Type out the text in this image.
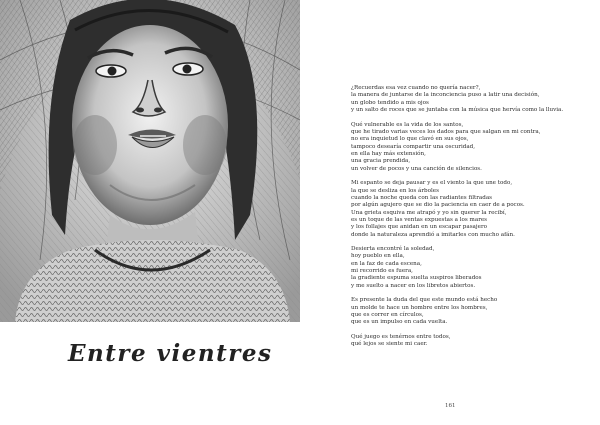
Entre vientres
¿Recuerdas esa vez cuando no quería nacer?,
la manera de juntarse de la inconciencia puso a latir una decisión,
un globo tendido a mis ojos
y un salto de roces que se juntaba con la música que hervía como la lluvia.
Qué vulnerable es la vida de los santos,
que he tirado varias veces los dados para que salgan en mi contra,
no era inquietud lo que clavó en sus ojos,
tampoco desearía compartir una oscuridad,
en ella hay más extensión,
una gracia prendida,
un volver de pocos y una canción de silencios.
Mi espanto se deja pausar y es el viento la que une todo,
la que se desliza en los árboles
cuando la noche queda con las radiantes filtradas
por algún agujero que se dio la paciencia en caer de a pocos.
Una grieta esquiva me atrapó y yo sin querer la recibí,
es un toque de las ventas expuestas a los mares
y los follajes que anidan en un escapar pasajero
donde la naturaleza aprendió a imitarles con mucho afán.
Desierta encontré la soledad,
hoy pueblo en ella,
en la faz de cada escena,
mi recorrido es fuera,
la gradiente espuma suelta suspiros liberados
y me suelto a nacer en los libretos abiertos.
Es presente la duda del que este mundo está hecho
un molde te hace un hombre entre los hombres,
que es correr en círculos,
que es un impulso en cada vuelta.
Qué juego es tenérnos entre todos,
qué lejos se siente mi caer.
161
